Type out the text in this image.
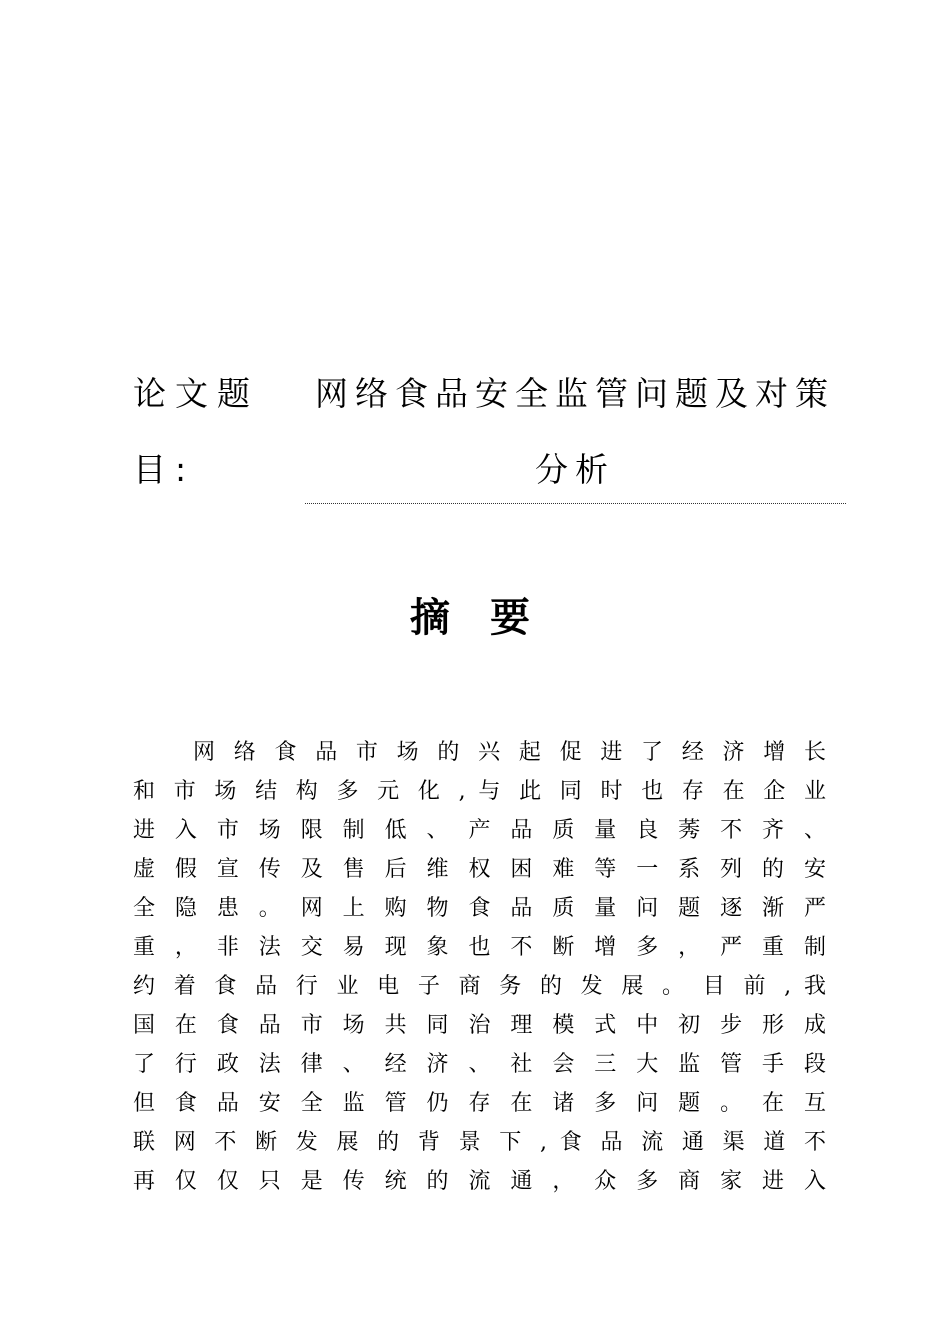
论文题
目:
网络食品安全监管问题及对策
分析
摘要
网 络 食 品 市 场 的 兴 起 促 进 了 经 济 增 长
和 市 场 结 构 多 元 化 , 与 此 同 时 也 存 在 企 业
进 入 市 场 限 制 低 、 产 品 质 量 良 莠 不 齐 、
虚 假 宣 传 及 售 后 维 权 困 难 等 一 系 列 的 安
全 隐 患 。 网 上 购 物 食 品 质 量 问 题 逐 渐 严
重 ， 非 法 交 易 现 象 也 不 断 增 多 ， 严 重 制
约 着 食 品 行 业 电 子 商 务 的 发 展 。 目 前 , 我
国 在 食 品 市 场 共 同 治 理 模 式 中 初 步 形 成
了 行 政 法 律 、 经 济 、 社 会 三 大 监 管 手 段
但 食 品 安 全 监 管 仍 存 在 诸 多 问 题 。 在 互
联 网 不 断 发 展 的 背 景 下 , 食 品 流 通 渠 道 不
再 仅 仅 只 是 传 统 的 流 通 ， 众 多 商 家 进 入
